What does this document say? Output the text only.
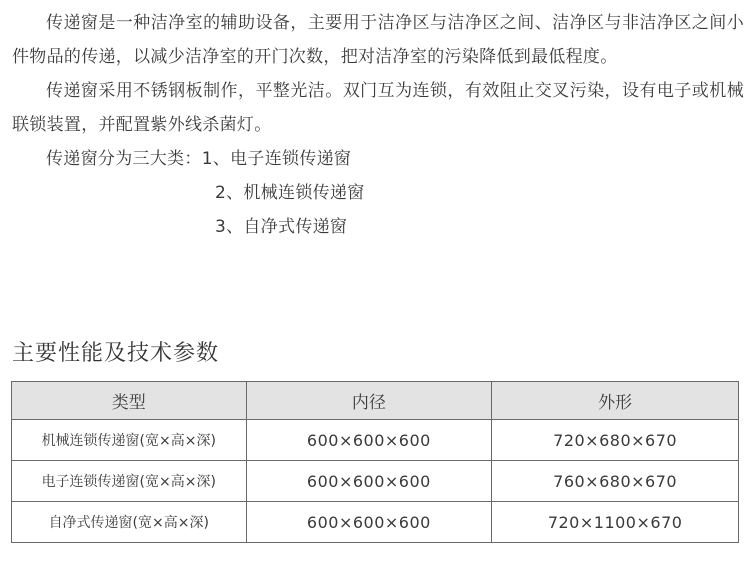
传递窗是一种洁净室的辅助设备，主要用于洁净区与洁净区之间、洁净区与非洁净区之间小件物品的传递，以减少洁净室的开门次数，把对洁净室的污染降低到最低程度。

传递窗采用不锈钢板制作，平整光洁。双门互为连锁，有效阻止交叉污染，设有电子或机械联锁装置，并配置紫外线杀菌灯。

传递窗分为三大类：1、电子连锁传递窗
2、机械连锁传递窗
3、自净式传递窗
主要性能及技术参数
类型	内径	外形
机械连锁传递窗(宽×高×深)	600×600×600	720×680×670
电子连锁传递窗(宽×高×深)	600×600×600	760×680×670
自净式传递窗(宽×高×深)	600×600×600	720×1100×670
